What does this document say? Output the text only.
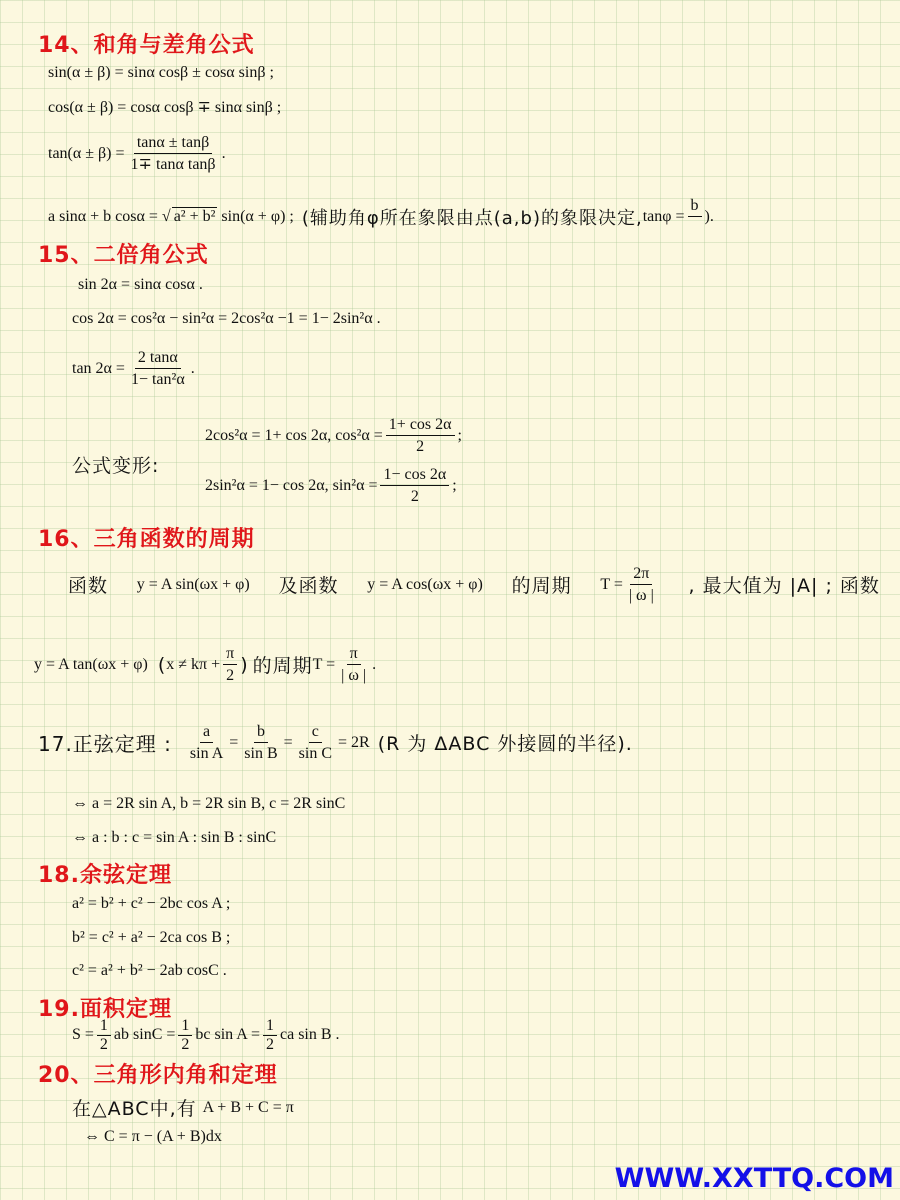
14、和角与差角公式
sin(α ± β) = sinα cosβ ± cosα sinβ ;
cos(α ± β) = cosα cosβ ∓ sinα sinβ ;
$\tan(\alpha \pm \beta) = \frac{\tan\alpha \pm \tan\beta}{\text{1∓ tanα tanβ}}$ .
a sinα + b cosα = √ a² + b² sin(α + φ) ; (辅助角φ所在象限由点(a,b)的象限决定, $\tan\varphi = \frac{b}{a}$ ).
15、二倍角公式
sin 2α = sinα cosα .
cos 2α = cos²α − sin²α = 2cos²α −1 = 1− 2sin²α .
$\tan 2\alpha = \frac{2 \tan\alpha}{\text{1− tan²α}}$ .
公式变形:
2cos²α = 1+ cos 2α, $\cos^2\alpha = \frac{1+ \cos 2\alpha}{2}$ ;
2sin²α = 1− cos 2α, $\sin^2\alpha = \frac{1- \cos 2\alpha}{2}$ ;
16、三角函数的周期
函数 y = A sin(ωx + φ) 及函数 y = A cos(ωx + φ) 的周期 $T = \frac{2\pi}{| \omega |}$ , 最大值为 |A| ; 函数
y = A tan(ωx + φ) ( $x \ne k\pi + \frac{\pi}{2}$ ) 的周期 $T = \frac{\pi}{| \omega |}$ .
17.正弦定理 : $\frac{a}{\text{sin A}} = \frac{b}{\text{sin B}} = \frac{c}{\text{sin C}} = 2R$ (R 为 ΔABC 外接圆的半径).
⇔ a = 2R sin A, b = 2R sin B, c = 2R sinC
⇔ a : b : c = sin A : sin B : sinC
18.余弦定理
a² = b² + c² − 2bc cos A ;
b² = c² + a² − 2ca cos B ;
c² = a² + b² − 2ab cosC .
19.面积定理
$S = \frac{1}{2}$ ab $\sin C = \frac{1}{2}$ bc $\sin A = \frac{1}{2}$ ca sin B .
20、三角形内角和定理
在△ABC中,有 A + B + C = π
⇔ C = π − (A + B)dx
WWW.XXTTQ.COM
